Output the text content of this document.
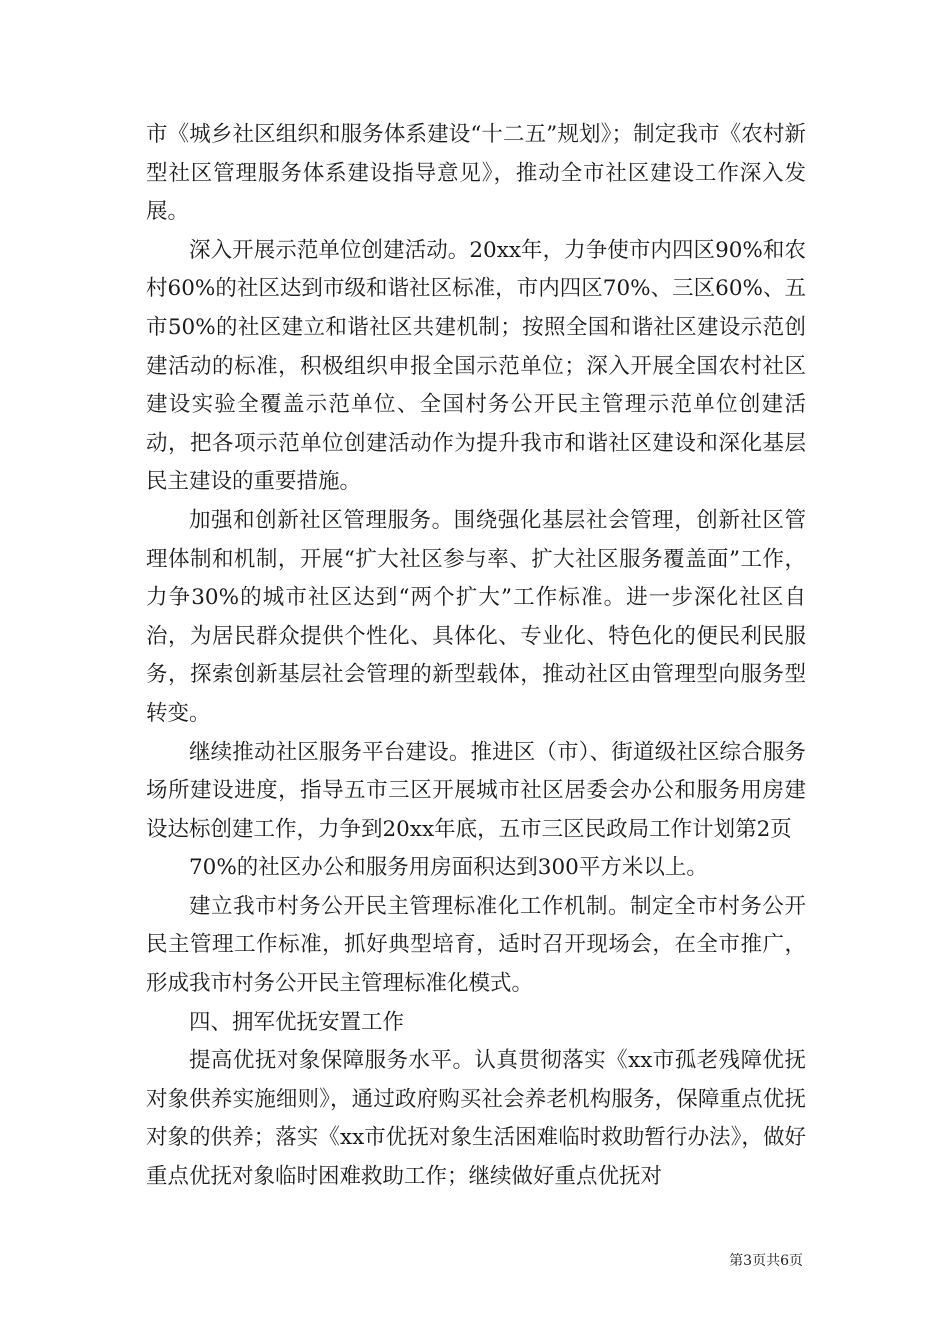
市《城乡社区组织和服务体系建设“十二五”规划》；制定我市《农村新型社区管理服务体系建设指导意见》，推动全市社区建设工作深入发展。

深入开展示范单位创建活动。20xx年，力争使市内四区90%和农村60%的社区达到市级和谐社区标准，市内四区70%、三区60%、五市50%的社区建立和谐社区共建机制；按照全国和谐社区建设示范创建活动的标准，积极组织申报全国示范单位；深入开展全国农村社区建设实验全覆盖示范单位、全国村务公开民主管理示范单位创建活动，把各项示范单位创建活动作为提升我市和谐社区建设和深化基层民主建设的重要措施。

加强和创新社区管理服务。围绕强化基层社会管理，创新社区管理体制和机制，开展“扩大社区参与率、扩大社区服务覆盖面”工作，力争30%的城市社区达到“两个扩大”工作标准。进一步深化社区自治，为居民群众提供个性化、具体化、专业化、特色化的便民利民服务，探索创新基层社会管理的新型载体，推动社区由管理型向服务型转变。

继续推动社区服务平台建设。推进区（市）、街道级社区综合服务场所建设进度，指导五市三区开展城市社区居委会办公和服务用房建设达标创建工作，力争到20xx年底，五市三区民政局工作计划第2页

70%的社区办公和服务用房面积达到300平方米以上。

建立我市村务公开民主管理标准化工作机制。制定全市村务公开民主管理工作标准，抓好典型培育，适时召开现场会，在全市推广，形成我市村务公开民主管理标准化模式。

四、拥军优抚安置工作

提高优抚对象保障服务水平。认真贯彻落实《xx市孤老残障优抚对象供养实施细则》，通过政府购买社会养老机构服务，保障重点优抚对象的供养；落实《xx市优抚对象生活困难临时救助暂行办法》，做好重点优抚对象临时困难救助工作；继续做好重点优抚对

第3页共6页
